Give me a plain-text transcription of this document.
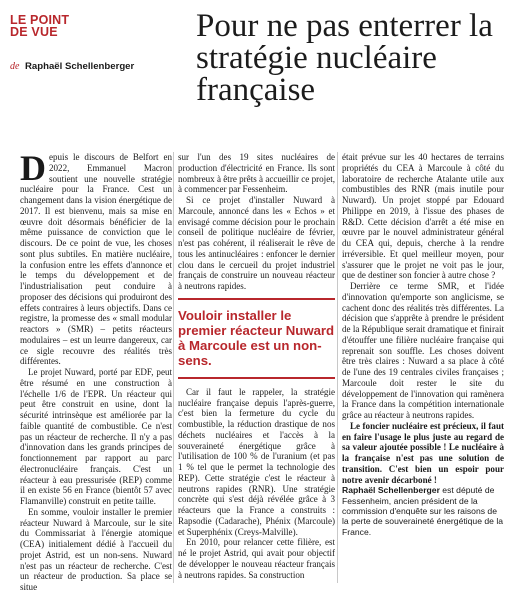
LE POINT
DE VUE
de Raphaël Schellenberger
Pour ne pas enterrer la stratégie nucléaire française

Depuis le discours de Belfort en 2022, Emmanuel Macron soutient une nouvelle stratégie nucléaire pour la France. Cest un changement dans la vision énergétique de 2017. Il est bienvenu, mais sa mise en œuvre doit désormais bénéficier de la même puissance de conviction que le discours. De ce point de vue, les choses sont plus subtiles. En matière nucléaire, la confusion entre les effets d'annonce et le temps du développement et de l'industrialisation peut conduire à proposer des décisions qui produiront des effets contraires à leurs objectifs. Dans ce registre, la promesse des « small modular reactors » (SMR) – petits réacteurs modulaires – est un leurre dangereux, car ce sigle recouvre des réalités très différentes.

Le projet Nuward, porté par EDF, peut être résumé en une construction à l'échelle 1/6 de l'EPR. Un réacteur qui peut être construit en usine, dont la sécurité intrinsèque est améliorée par la faible quantité de combustible. Ce n'est pas un réacteur de recherche. Il n'y a pas d'innovation dans les grands principes de fonctionnement par rapport au parc électronucléaire français. C'est un réacteur à eau pressurisée (REP) comme il en existe 56 en France (bientôt 57 avec Flamanville) construit en petite taille.

En somme, vouloir installer le premier réacteur Nuward à Marcoule, sur le site du Commissariat à l'énergie atomique (CEA) initialement dédié à l'accueil du projet Astrid, est un non-sens. Nuward n'est pas un réacteur de recherche. C'est un réacteur de production. Sa place se situe

sur l'un des 19 sites nucléaires de production d'électricité en France. Ils sont nombreux à être prêts à accueillir ce projet, à commencer par Fessenheim.

Si ce projet d'installer Nuward à Marcoule, annoncé dans les « Echos » et envisagé comme décision pour le prochain conseil de politique nucléaire de février, n'est pas cohérent, il réaliserait le rêve de tous les antinucléaires : enfoncer le dernier clou dans le cercueil du projet industriel français de construire un nouveau réacteur à neutrons rapides.

Vouloir installer le premier réacteur Nuward à Marcoule est un non-sens.

Car il faut le rappeler, la stratégie nucléaire française depuis l'après-guerre, c'est bien la fermeture du cycle du combustible, la réduction drastique de nos déchets nucléaires et l'accès à la souveraineté énergétique grâce à l'utilisation de 100 % de l'uranium (et pas 1 % tel que le permet la technologie des REP). Cette stratégie c'est le réacteur à neutrons rapides (RNR). Une stratégie concrète qui s'est déjà révélée grâce à 3 réacteurs que la France a construits : Rapsodie (Cadarache), Phénix (Marcoule) et Superphénix (Creys-Malville).

En 2010, pour relancer cette filière, est né le projet Astrid, qui avait pour objectif de développer le nouveau réacteur français à neutrons rapides. Sa construction

était prévue sur les 40 hectares de terrains propriétés du CEA à Marcoule à côté du laboratoire de recherche Atalante utile aux combustibles des RNR (mais inutile pour Nuward). Un projet stoppé par Edouard Philippe en 2019, à l'issue des phases de R&D. Cette décision d'arrêt a été mise en œuvre par le nouvel administrateur général du CEA qui, depuis, cherche à la rendre irréversible. Et quel meilleur moyen, pour s'assurer que le projet ne voit pas le jour, que de destiner son foncier à autre chose ?

Derrière ce terme SMR, et l'idée d'innovation qu'emporte son anglicisme, se cachent donc des réalités très différentes. La décision que s'apprête à prendre le président de la République serait dramatique et finirait d'étouffer une filière nucléaire française qui reprenait son souffle. Les choses doivent être très claires : Nuward a sa place à côté de l'une des 19 centrales civiles françaises ; Marcoule doit rester le site du développement de l'innovation qui ramènera la France dans la compétition internationale grâce au réacteur à neutrons rapides.

Le foncier nucléaire est précieux, il faut en faire l'usage le plus juste au regard de sa valeur ajoutée possible ! Le nucléaire à la française n'est pas une solution de transition. C'est bien un espoir pour notre avenir décarboné !

Raphaël Schellenberger est député de Fessenheim, ancien président de la commission d'enquête sur les raisons de la perte de souveraineté énergétique de la France.
